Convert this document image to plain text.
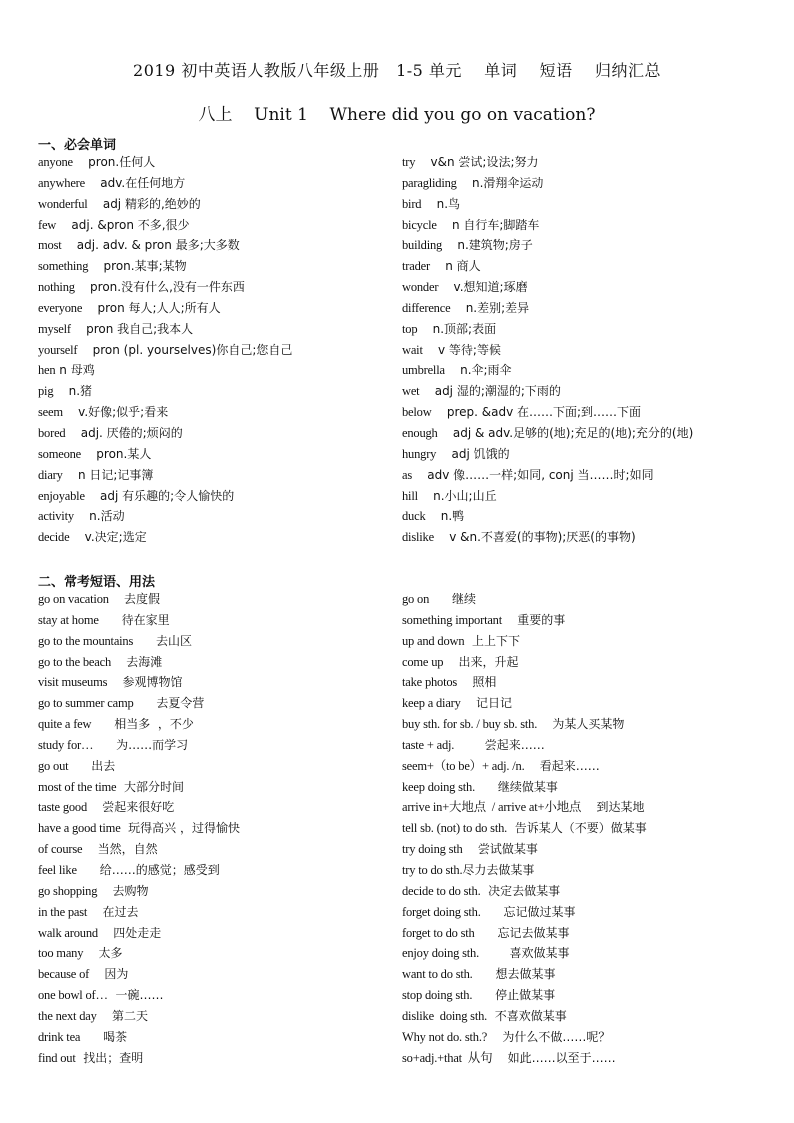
2019 初中英语人教版八年级上册   1-5 单元    单词    短语    归纳汇总
八上    Unit 1    Where did you go on vacation?
一、必会单词
anyone    pron.任何人
anywhere    adv.在任何地方
wonderful    adj 精彩的,绝妙的
few    adj. &pron 不多,很少
most    adj. adv. & pron 最多;大多数
something    pron.某事;某物
nothing    pron.没有什么,没有一件东西
everyone    pron 每人;人人;所有人
myself    pron 我自己;我本人
yourself    pron (pl. yourselves)你自己;您自己
hen n 母鸡
pig    n.猪
seem    v.好像;似乎;看来
bored    adj. 厌倦的;烦闷的
someone    pron.某人
diary    n 日记;记事簿
enjoyable    adj 有乐趣的;令人愉快的
activity    n.活动
decide    v.决定;选定
try    v&n 尝试;设法;努力
paragliding    n.滑翔伞运动
bird    n.鸟
bicycle    n 自行车;脚踏车
building    n.建筑物;房子
trader    n 商人
wonder    v.想知道;琢磨
difference    n.差别;差异
top    n.顶部;表面
wait    v 等待;等候
umbrella    n.伞;雨伞
wet    adj 湿的;潮湿的;下雨的
below    prep. &adv 在……下面;到……下面
enough    adj & adv.足够的(地);充足的(地);充分的(地)
hungry    adj 饥饿的
as    adv 像……一样;如同, conj 当……时;如同
hill    n.小山;山丘
duck    n.鸭
dislike    v &n.不喜爱(的事物);厌恶(的事物)
二、常考短语、用法
go on vacation    去度假
stay at home      待在家里
go to the mountains      去山区
go to the beach    去海滩
visit museums    参观博物馆
go to summer camp      去夏令营
quite a few      相当多  ，不少
study for…      为……而学习
go out      出去
most of the time  大部分时间
taste good    尝起来很好吃
have a good time  玩得高兴 ，过得愉快
of course    当然，自然
feel like      给……的感觉；感受到
go shopping    去购物
in the past    在过去
walk around    四处走走
too many    太多
because of    因为
one bowl of…  一碗……
the next day    第二天
drink tea      喝茶
find out  找出；查明
go on      继续
something important    重要的事
up and down  上上下下
come up    出来，升起
take photos    照相
keep a diary    记日记
buy sth. for sb. / buy sb. sth.    为某人买某物
taste + adj.        尝起来……
seem+（to be）+ adj. /n.    看起来……
keep doing sth.      继续做某事
arrive in+大地点  / arrive at+小地点    到达某地
tell sb. (not) to do sth.  告诉某人（不要）做某事
try doing sth    尝试做某事
try to do sth.尽力去做某事
decide to do sth.  决定去做某事
forget doing sth.      忘记做过某事
forget to do sth      忘记去做某事
enjoy doing sth.        喜欢做某事
want to do sth.      想去做某事
stop doing sth.      停止做某事
dislike  doing sth.  不喜欢做某事
Why not do. sth.?    为什么不做……呢？
so+adj.+that  从句    如此……以至于……
